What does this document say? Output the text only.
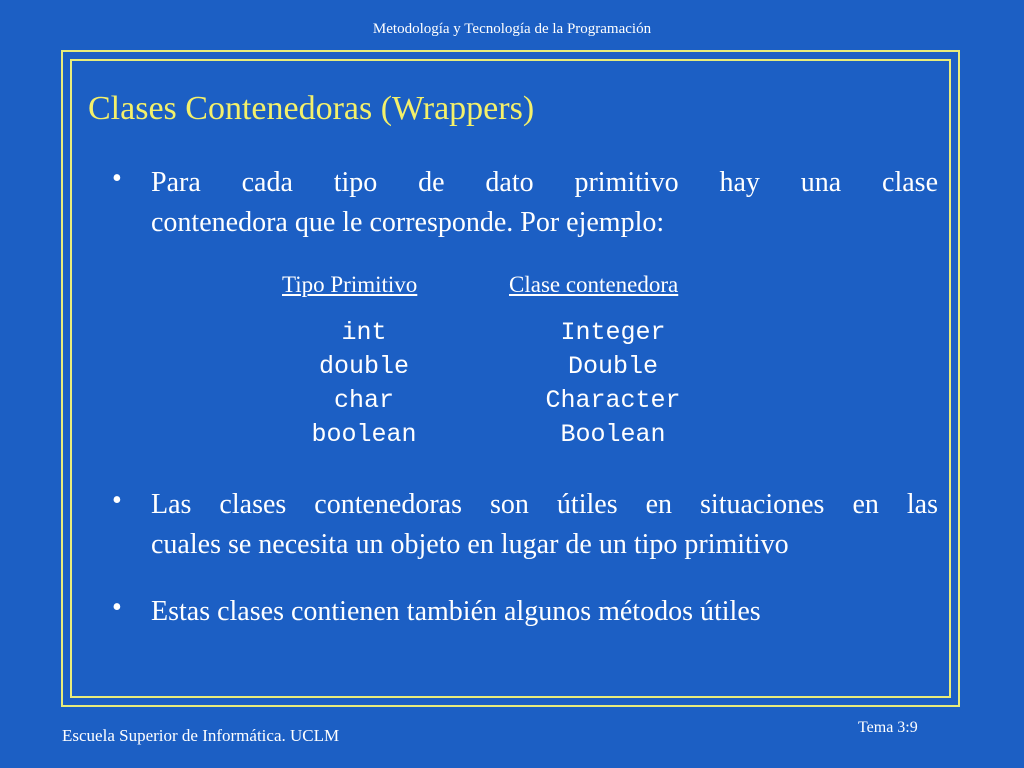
Metodología y Tecnología de la Programación
Clases Contenedoras (Wrappers)
• Para cada tipo de dato primitivo hay una clase
contenedora que le corresponde. Por ejemplo:
Tipo Primitivo	Clase contenedora
int
double
char
boolean
Integer
Double
Character
Boolean
• Las clases contenedoras son útiles en situaciones en las
cuales se necesita un objeto en lugar de un tipo primitivo
• Estas clases contienen también algunos métodos útiles
Escuela Superior de Informática. UCLM	Tema 3:9
